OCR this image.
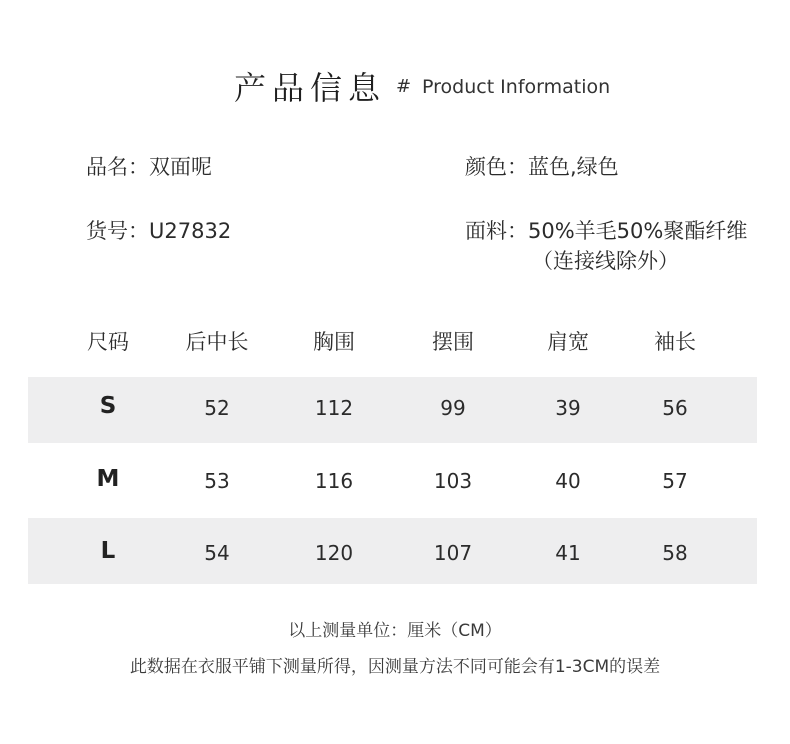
产品信息 # Product Information
品名：双面呢	颜色：蓝色,绿色
货号：U27832	面料：50%羊毛50%聚酯纤维
（连接线除外）
尺码	后中长	胸围	摆围	肩宽	袖长
S	52	112	99	39	56
M	53	116	103	40	57
L	54	120	107	41	58
以上测量单位：厘米（CM）
此数据在衣服平铺下测量所得，因测量方法不同可能会有1-3CM的误差
